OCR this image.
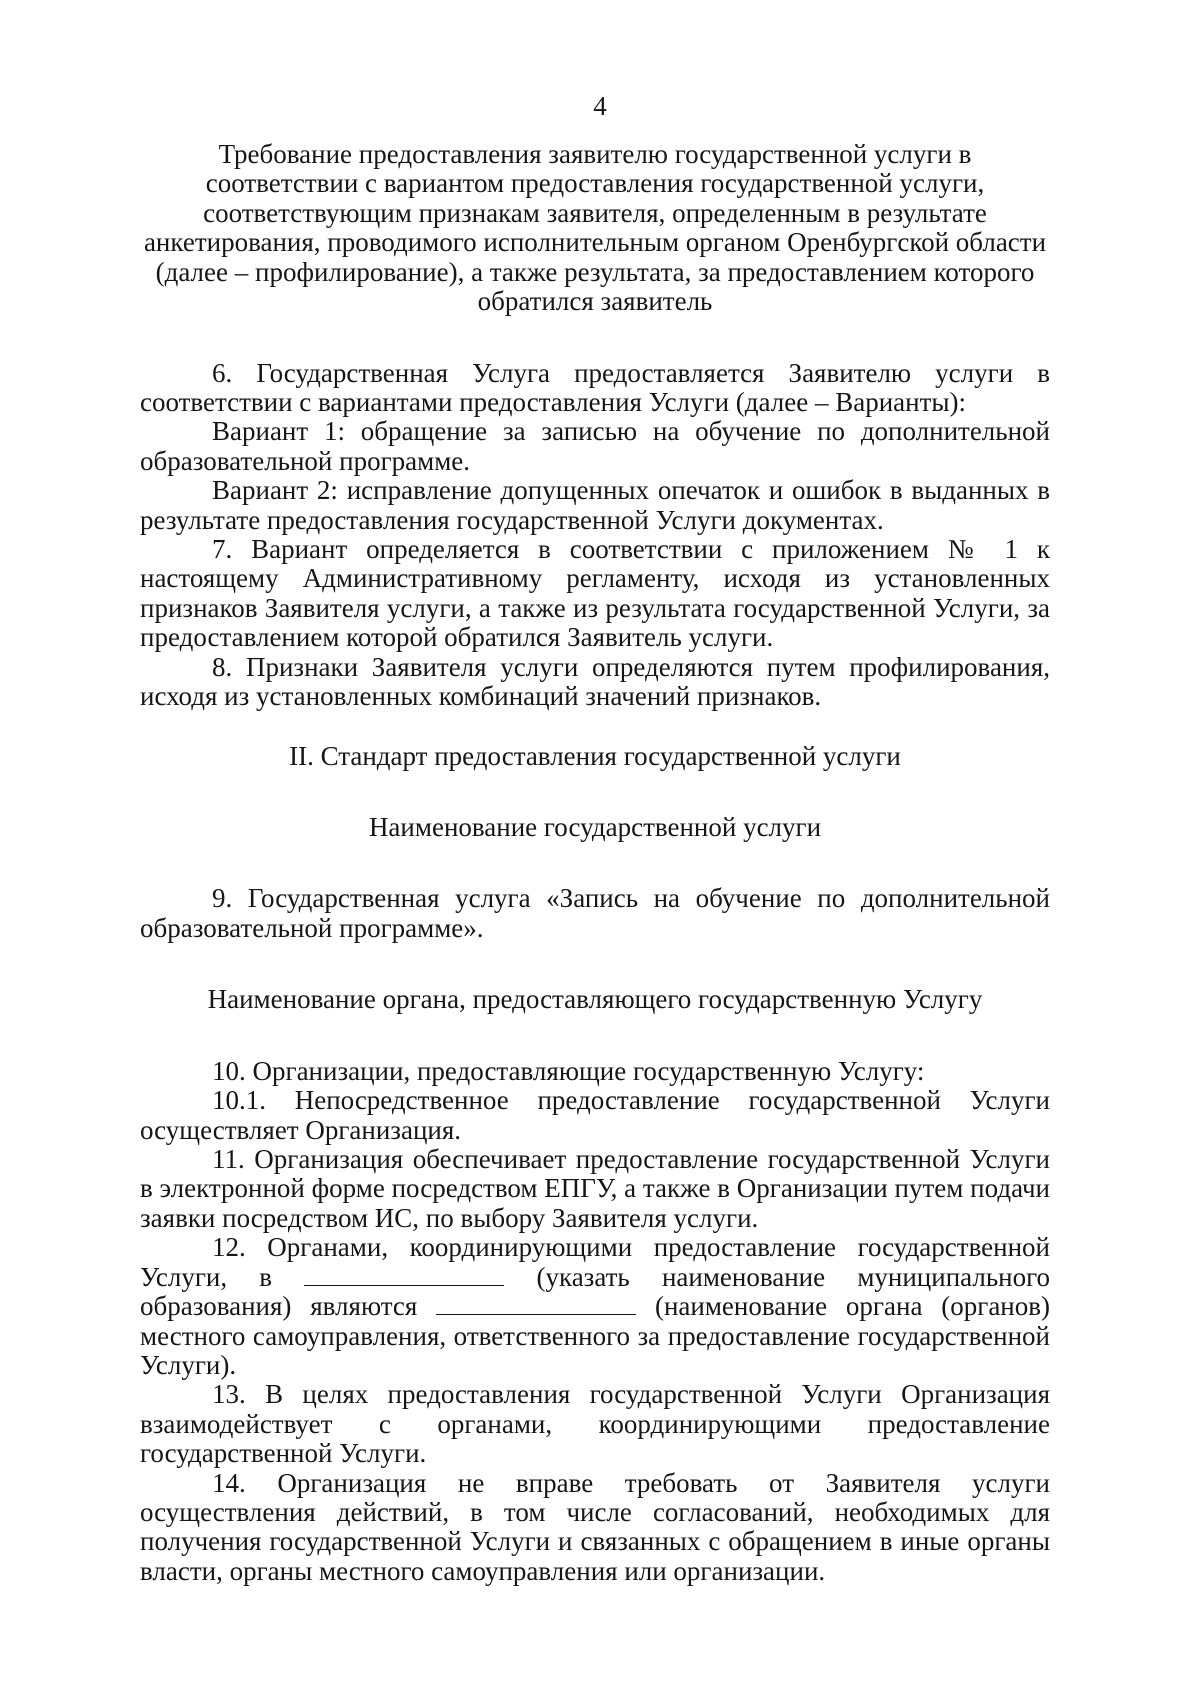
4

Требование предоставления заявителю государственной услуги в соответствии с вариантом предоставления государственной услуги, соответствующим признакам заявителя, определенным в результате анкетирования, проводимого исполнительным органом Оренбургской области (далее – профилирование), а также результата, за предоставлением которого обратился заявитель

6. Государственная Услуга предоставляется Заявителю услуги в соответствии с вариантами предоставления Услуги (далее – Варианты):

Вариант 1: обращение за записью на обучение по дополнительной образовательной программе.

Вариант 2: исправление допущенных опечаток и ошибок в выданных в результате предоставления государственной Услуги документах.

7. Вариант определяется в соответствии с приложением № 1 к настоящему Административному регламенту, исходя из установленных признаков Заявителя услуги, а также из результата государственной Услуги, за предоставлением которой обратился Заявитель услуги.

8. Признаки Заявителя услуги определяются путем профилирования, исходя из установленных комбинаций значений признаков.

II. Стандарт предоставления государственной услуги

Наименование государственной услуги

9. Государственная услуга «Запись на обучение по дополнительной образовательной программе».

Наименование органа, предоставляющего государственную Услугу

10. Организации, предоставляющие государственную Услугу:

10.1. Непосредственное предоставление государственной Услуги осуществляет Организация.

11. Организация обеспечивает предоставление государственной Услуги в электронной форме посредством ЕПГУ, а также в Организации путем подачи заявки посредством ИС, по выбору Заявителя услуги.

12. Органами, координирующими предоставление государственной Услуги, в	(указать наименование муниципального образования) являются	(наименование органа (органов) местного самоуправления, ответственного за предоставление государственной Услуги).

13. В целях предоставления государственной Услуги Организация взаимодействует с органами, координирующими предоставление государственной Услуги.

14. Организация не вправе требовать от Заявителя услуги осуществления действий, в том числе согласований, необходимых для получения государственной Услуги и связанных с обращением в иные органы власти, органы местного самоуправления или организации.
